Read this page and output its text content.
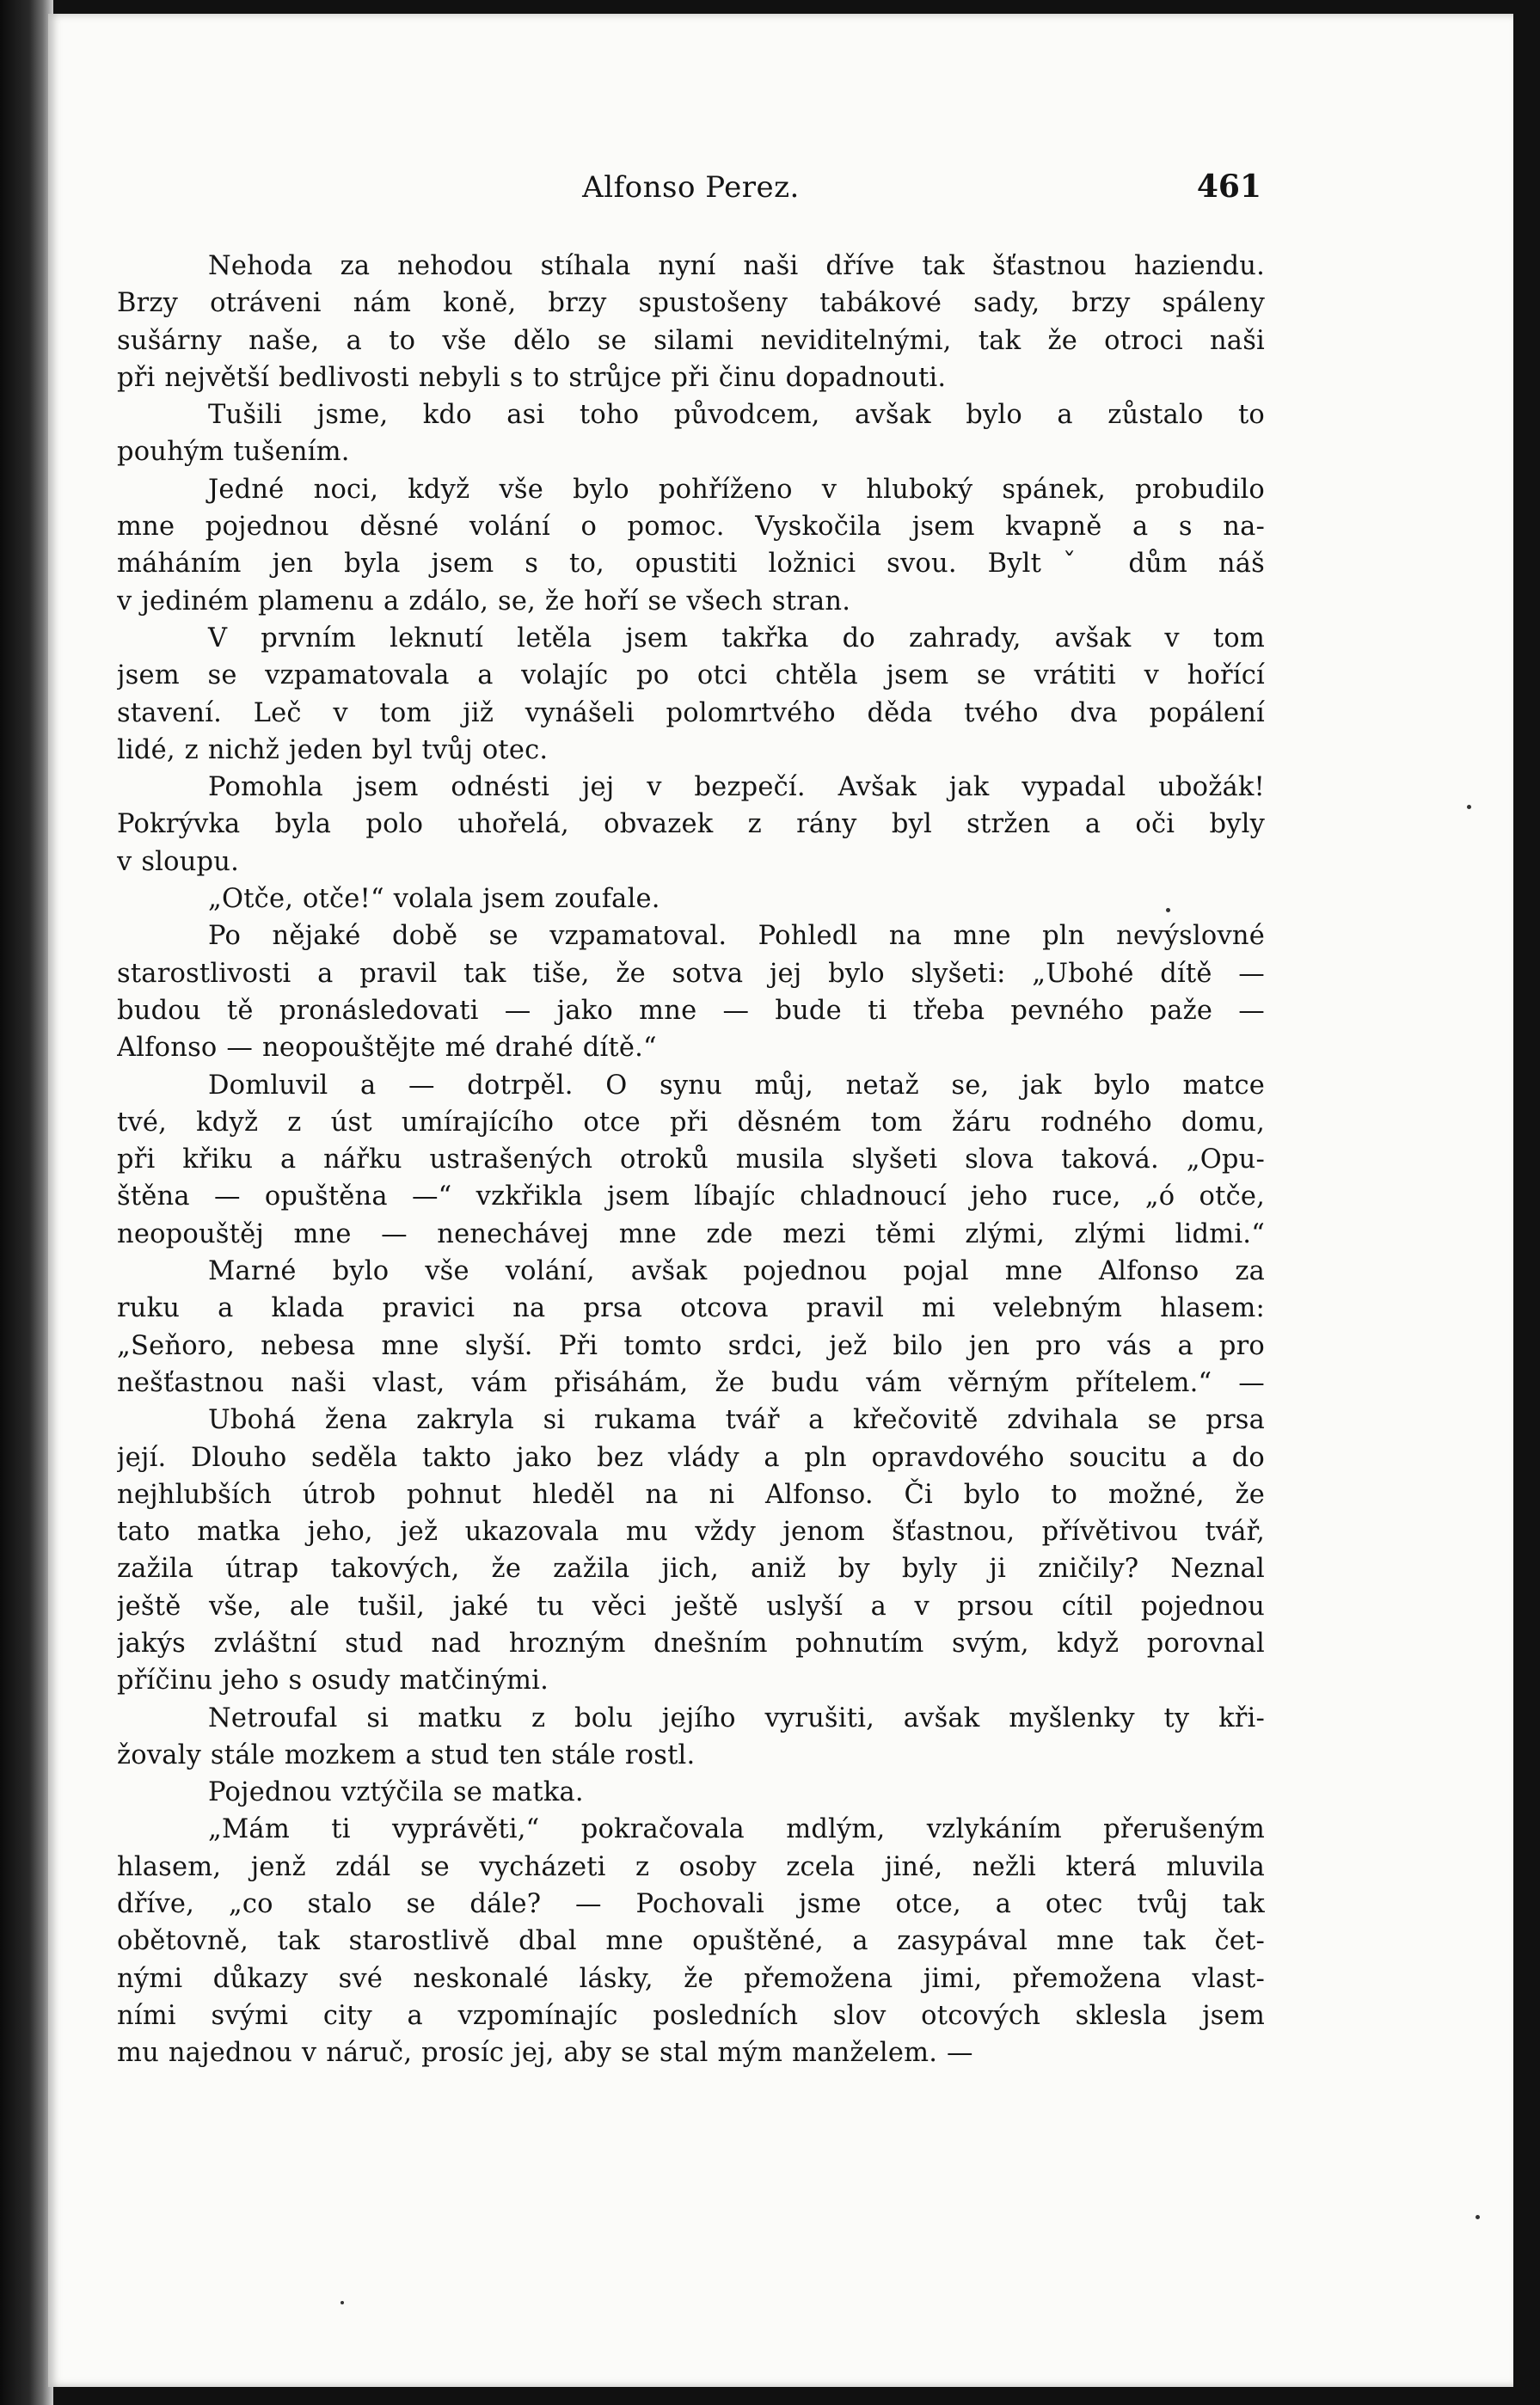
Alfonso Perez.	461
Nehoda za nehodou stíhala nyní naši dříve tak šťastnou haziendu.
Brzy otráveni nám koně, brzy spustošeny tabákové sady, brzy spáleny
sušárny naše, a to vše dělo se silami neviditelnými, tak že otroci naši
při největší bedlivosti nebyli s to strůjce při činu dopadnouti.
Tušili jsme, kdo asi toho původcem, avšak bylo a zůstalo to
pouhým tušením.
Jedné noci, když vše bylo pohříženo v hluboký spánek, probudilo
mne pojednou děsné volání o pomoc. Vyskočila jsem kvapně a s na-
máháním jen byla jsem s to, opustiti ložnici svou. Byltˇ dům náš
v jediném plamenu a zdálo, se, že hoří se všech stran.
V prvním leknutí letěla jsem takřka do zahrady, avšak v tom
jsem se vzpamatovala a volajíc po otci chtěla jsem se vrátiti v hořící
stavení. Leč v tom již vynášeli polomrtvého děda tvého dva popálení
lidé, z nichž jeden byl tvůj otec.
Pomohla jsem odnésti jej v bezpečí. Avšak jak vypadal ubožák!
Pokrývka byla polo uhořelá, obvazek z rány byl stržen a oči byly
v sloupu.
„Otče, otče!“ volala jsem zoufale.
Po nějaké době se vzpamatoval. Pohledl na mne pln nevýslovné
starostlivosti a pravil tak tiše, že sotva jej bylo slyšeti: „Ubohé dítě —
budou tě pronásledovati — jako mne — bude ti třeba pevného paže —
Alfonso — neopouštějte mé drahé dítě.“
Domluvil a — dotrpěl. O synu můj, netaž se, jak bylo matce
tvé, když z úst umírajícího otce při děsném tom žáru rodného domu,
při křiku a nářku ustrašených otroků musila slyšeti slova taková. „Opu-
štěna — opuštěna —“ vzkřikla jsem líbajíc chladnoucí jeho ruce, „ó otče,
neopouštěj mne — nenechávej mne zde mezi těmi zlými, zlými lidmi.“
Marné bylo vše volání, avšak pojednou pojal mne Alfonso za
ruku a klada pravici na prsa otcova pravil mi velebným hlasem:
„Seňoro, nebesa mne slyší. Při tomto srdci, jež bilo jen pro vás a pro
nešťastnou naši vlast, vám přisáhám, že budu vám věrným přítelem.“ —
Ubohá žena zakryla si rukama tvář a křečovitě zdvihala se prsa
její. Dlouho seděla takto jako bez vlády a pln opravdového soucitu a do
nejhlubších útrob pohnut hleděl na ni Alfonso. Či bylo to možné, že
tato matka jeho, jež ukazovala mu vždy jenom šťastnou, přívětivou tvář,
zažila útrap takových, že zažila jich, aniž by byly ji zničily? Neznal
ještě vše, ale tušil, jaké tu věci ještě uslyší a v prsou cítil pojednou
jakýs zvláštní stud nad hrozným dnešním pohnutím svým, když porovnal
příčinu jeho s osudy matčinými.
Netroufal si matku z bolu jejího vyrušiti, avšak myšlenky ty kři-
žovaly stále mozkem a stud ten stále rostl.
Pojednou vztýčila se matka.
„Mám ti vyprávěti,“ pokračovala mdlým, vzlykáním přerušeným
hlasem, jenž zdál se vycházeti z osoby zcela jiné, nežli která mluvila
dříve, „co stalo se dále? — Pochovali jsme otce, a otec tvůj tak
obětovně, tak starostlivě dbal mne opuštěné, a zasypával mne tak čet-
nými důkazy své neskonalé lásky, že přemožena jimi, přemožena vlast-
ními svými city a vzpomínajíc posledních slov otcových sklesla jsem
mu najednou v náruč, prosíc jej, aby se stal mým manželem. —
